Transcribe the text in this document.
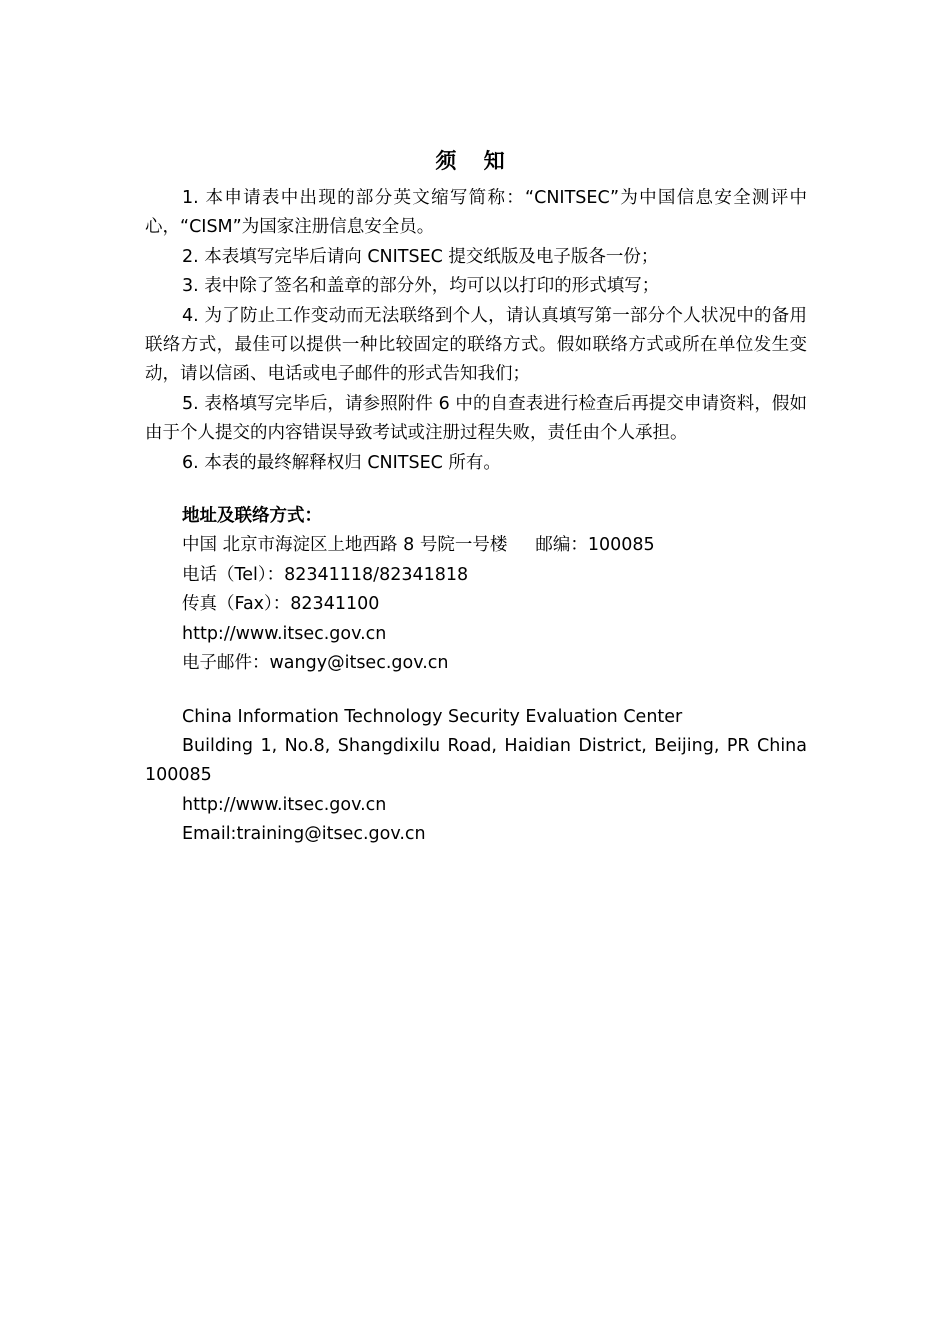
须 知

1. 本申请表中出现的部分英文缩写简称：“CNITSEC”为中国信息安全测评中心，“CISM”为国家注册信息安全员。

2. 本表填写完毕后请向 CNITSEC 提交纸版及电子版各一份；

3. 表中除了签名和盖章的部分外，均可以以打印的形式填写；

4. 为了防止工作变动而无法联络到个人，请认真填写第一部分个人状况中的备用联络方式，最佳可以提供一种比较固定的联络方式。假如联络方式或所在单位发生变动，请以信函、电话或电子邮件的形式告知我们；

5. 表格填写完毕后，请参照附件 6 中的自查表进行检查后再提交申请资料，假如由于个人提交的内容错误导致考试或注册过程失败，责任由个人承担。

6. 本表的最终解释权归 CNITSEC 所有。

地址及联络方式：

中国 北京市海淀区上地西路 8 号院一号楼 邮编：100085

电话（Tel）：82341118/82341818

传真（Fax）：82341100

http://www.itsec.gov.cn

电子邮件：wangy@itsec.gov.cn

China Information Technology Security Evaluation Center

Building 1, No.8, Shangdixilu Road, Haidian District, Beijing, PR China 100085

http://www.itsec.gov.cn

Email:training@itsec.gov.cn
